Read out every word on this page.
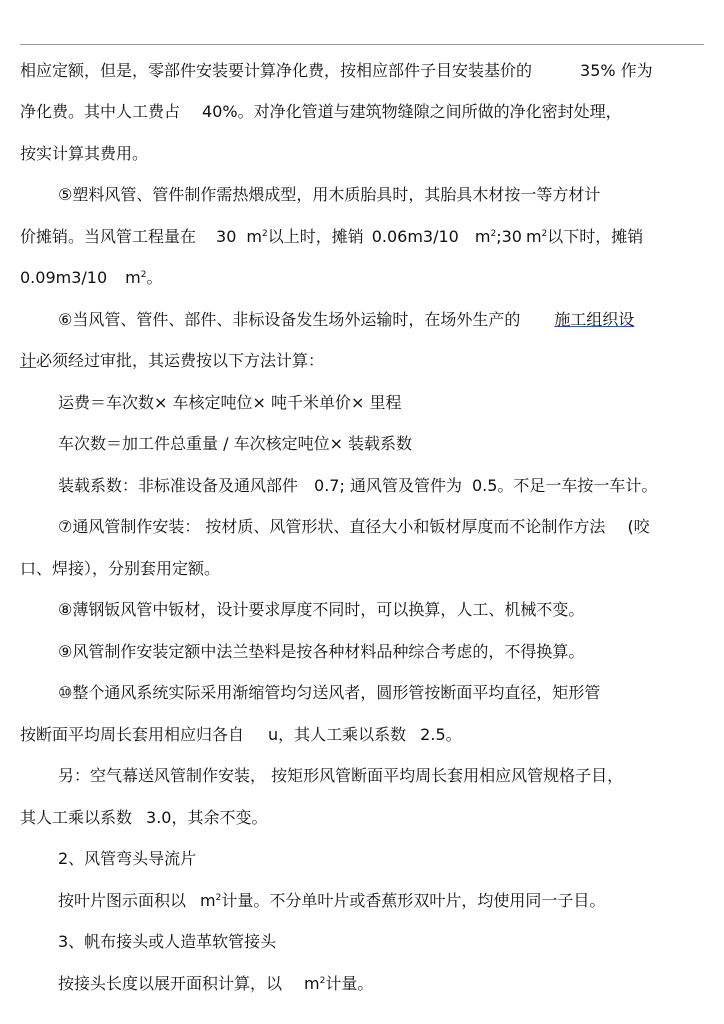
相应定额，但是，零部件安装要计算净化费，按相应部件子目安装基价的	35% 作为
净化费。其中人工费占 40%。对净化管道与建筑物缝隙之间所做的净化密封处理，
按实计算其费用。
⑤塑料风管、管件制作需热煨成型，用木质胎具时，其胎具木材按一等方材计
价摊销。当风管工程量在 30 $m^2$以上时，摊销 0.06m3/10 $m^2;30$ $m^2$以下时，摊销
0.09m3/10 $m^2$。
⑥当风管、管件、部件、非标设备发生场外运输时，在场外生产的 施工组织设
计必须经过审批，其运费按以下方法计算：
运费＝车次数× 车核定吨位× 吨千米单价× 里程
车次数＝加工件总重量 / 车次核定吨位× 装载系数
装载系数：非标准设备及通风部件 0.7; 通风管及管件为 0.5。不足一车按一车计。
⑦通风管制作安装： 按材质、风管形状、直径大小和钣材厚度而不论制作方法 (咬
口、焊接），分别套用定额。
⑧薄钢钣风管中钣材，设计要求厚度不同时，可以换算，人工、机械不变。
⑨风管制作安装定额中法兰垫料是按各种材料品种综合考虑的，不得换算。
⑩整个通风系统实际采用渐缩管均匀送风者，圆形管按断面平均直径，矩形管
按断面平均周长套用相应归各自 u，其人工乘以系数 2.5。
另：空气幕送风管制作安装， 按矩形风管断面平均周长套用相应风管规格子目，
其人工乘以系数 3.0，其余不变。
2、风管弯头导流片
按叶片图示面积以 $m^2$计量。不分单叶片或香蕉形双叶片，均使用同一子目。
3、帆布接头或人造革软管接头
按接头长度以展开面积计算，以 $m^2$计量。
